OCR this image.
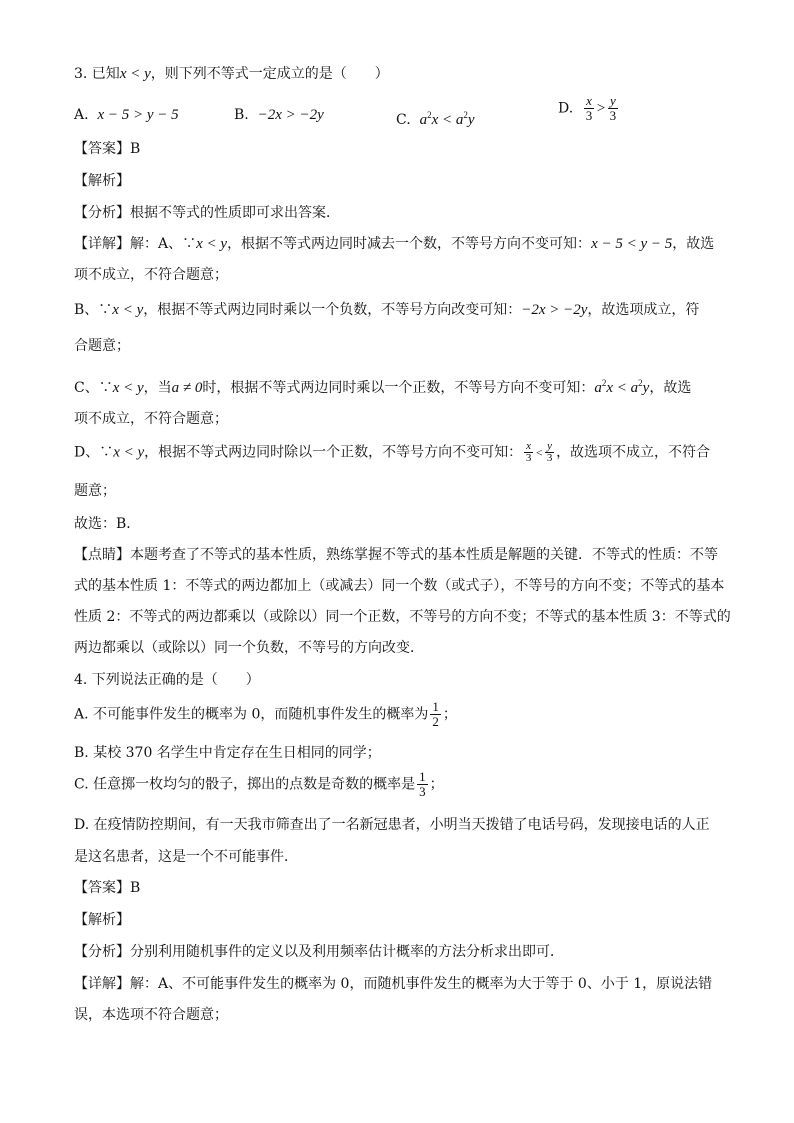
3. 已知x < y，则下列不等式一定成立的是（　　）
A. x − 5 > y − 5	B. −2x > −2y	C. $a^2x < a^2y$
D. $\frac{x}{3} > \frac{y}{3}$
【答案】B
【解析】
【分析】根据不等式的性质即可求出答案．
【详解】解：A、∵x < y，根据不等式两边同时减去一个数，不等号方向不变可知：x − 5 < y − 5，故选
项不成立，不符合题意；
B、∵x < y，根据不等式两边同时乘以一个负数，不等号方向改变可知：−2x > −2y，故选项成立，符
合题意；
C、∵x < y，当a ≠ 0时，根据不等式两边同时乘以一个正数，不等号方向不变可知：$a^2x < a^2y$，故选
项不成立，不符合题意；
D、∵x < y，根据不等式两边同时除以一个正数，不等号方向不变可知： $\frac{x}{3} < \frac{y}{3}$ ，故选项不成立，不符合
题意；
故选：B．
【点睛】本题考查了不等式的基本性质，熟练掌握不等式的基本性质是解题的关键．不等式的性质：不等
式的基本性质 1：不等式的两边都加上（或减去）同一个数（或式子），不等号的方向不变；不等式的基本
性质 2：不等式的两边都乘以（或除以）同一个正数，不等号的方向不变；不等式的基本性质 3：不等式的
两边都乘以（或除以）同一个负数，不等号的方向改变．
4. 下列说法正确的是（　　）
A. 不可能事件发生的概率为 0，而随机事件发生的概率为 $\frac{1}{2}$ ；
B. 某校 370 名学生中肯定存在生日相同的同学；
C. 任意掷一枚均匀的骰子，掷出的点数是奇数的概率是 $\frac{1}{3}$ ；
D. 在疫情防控期间，有一天我市筛查出了一名新冠患者，小明当天拨错了电话号码，发现接电话的人正
是这名患者，这是一个不可能事件．
【答案】B
【解析】
【分析】分别利用随机事件的定义以及利用频率估计概率的方法分析求出即可．
【详解】解：A、不可能事件发生的概率为 0，而随机事件发生的概率为大于等于 0、小于 1，原说法错
误，本选项不符合题意；
